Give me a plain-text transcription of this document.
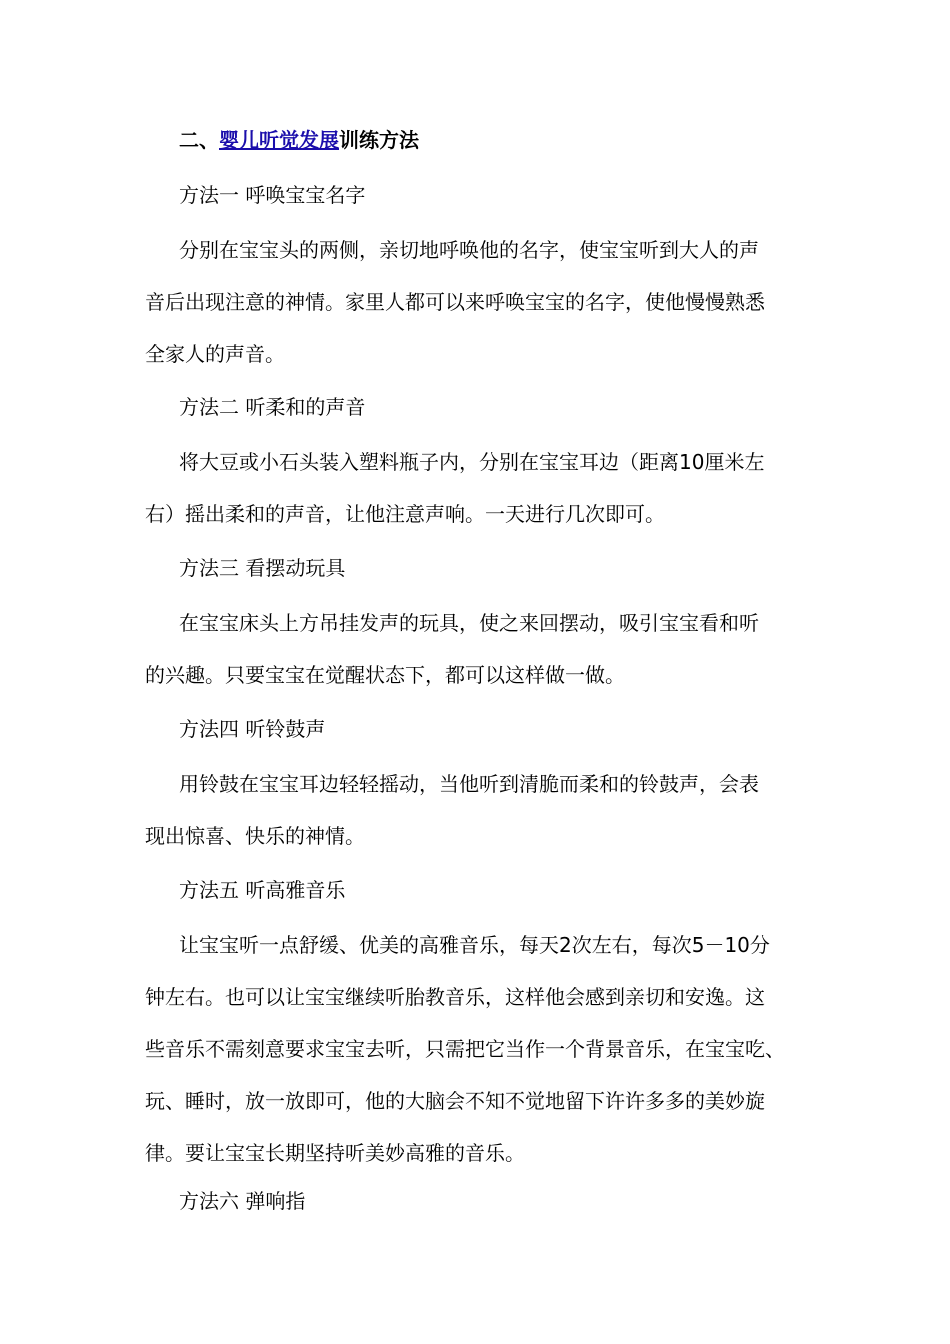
二、婴儿听觉发展训练方法
方法一 呼唤宝宝名字
分别在宝宝头的两侧，亲切地呼唤他的名字，使宝宝听到大人的声
音后出现注意的神情。家里人都可以来呼唤宝宝的名字，使他慢慢熟悉
全家人的声音。
方法二 听柔和的声音
将大豆或小石头装入塑料瓶子内，分别在宝宝耳边（距离10厘米左
右）摇出柔和的声音，让他注意声响。一天进行几次即可。
方法三 看摆动玩具
在宝宝床头上方吊挂发声的玩具，使之来回摆动，吸引宝宝看和听
的兴趣。只要宝宝在觉醒状态下，都可以这样做一做。
方法四 听铃鼓声
用铃鼓在宝宝耳边轻轻摇动，当他听到清脆而柔和的铃鼓声，会表
现出惊喜、快乐的神情。
方法五 听高雅音乐
让宝宝听一点舒缓、优美的高雅音乐，每天2次左右，每次5－10分
钟左右。也可以让宝宝继续听胎教音乐，这样他会感到亲切和安逸。这
些音乐不需刻意要求宝宝去听，只需把它当作一个背景音乐，在宝宝吃、
玩、睡时，放一放即可，他的大脑会不知不觉地留下许许多多的美妙旋
律。要让宝宝长期坚持听美妙高雅的音乐。
方法六 弹响指
